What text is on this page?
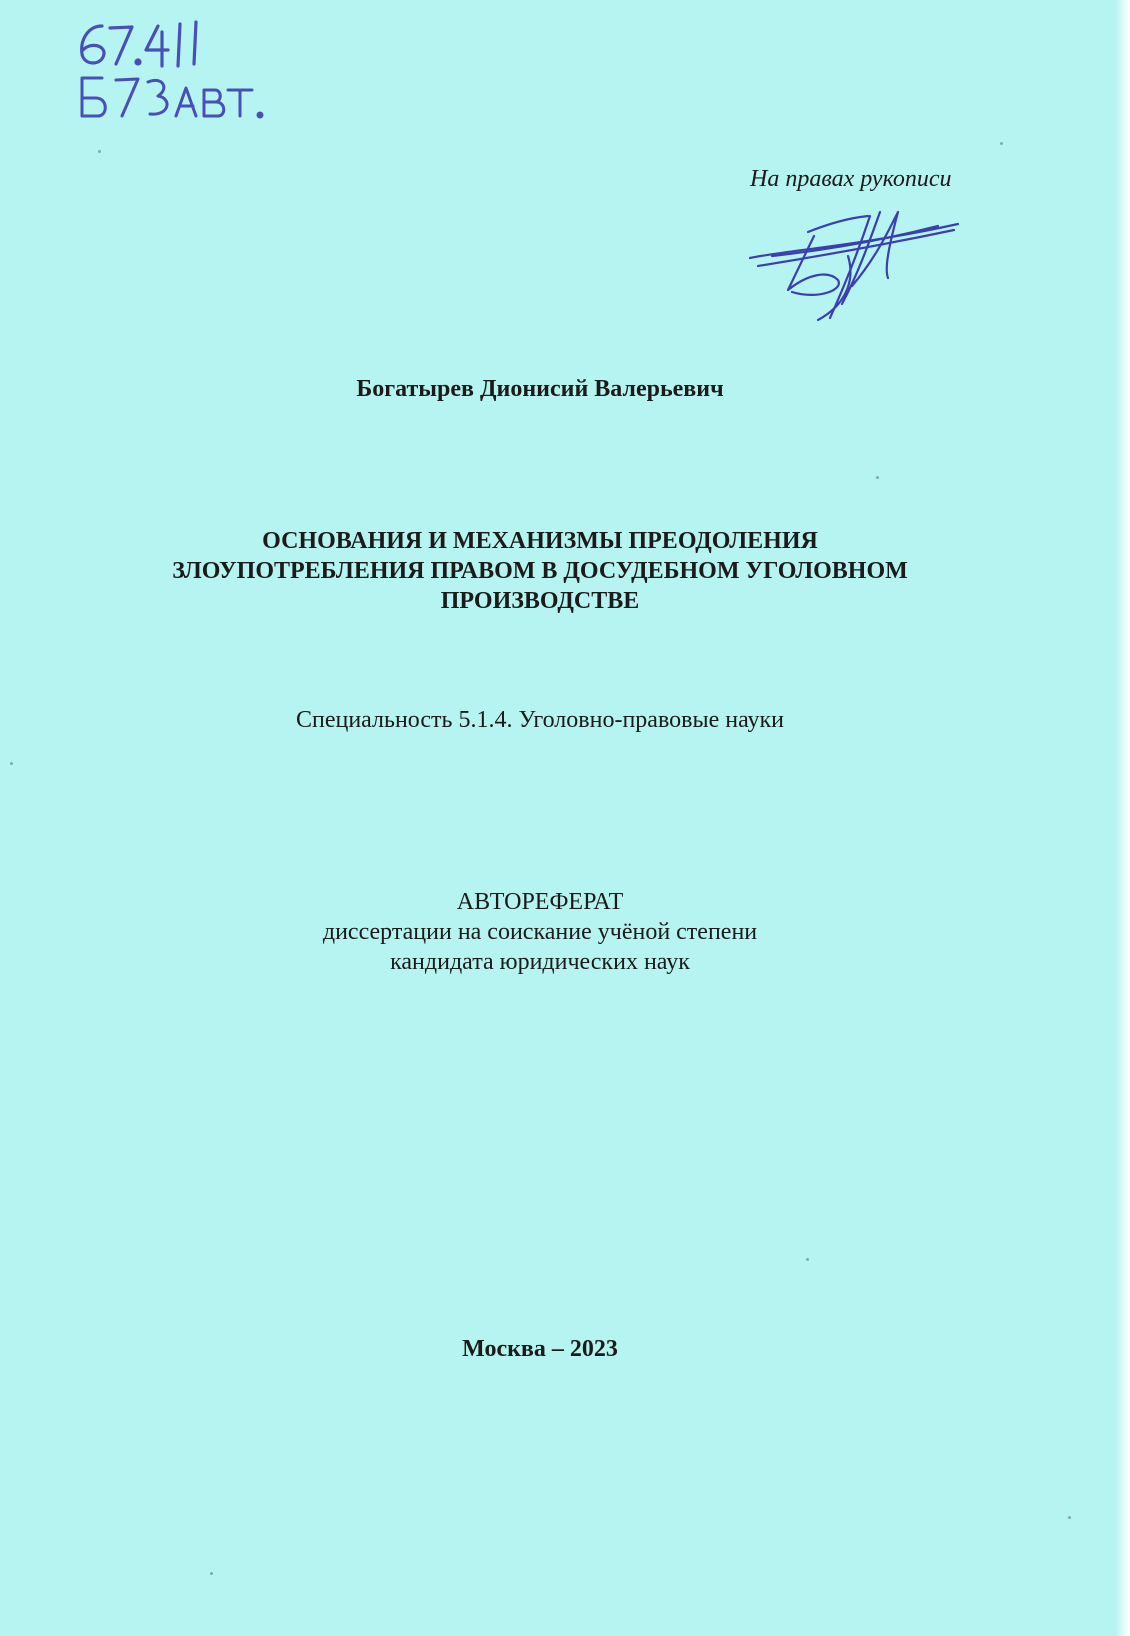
На правах рукописи
Богатырев Дионисий Валерьевич
ОСНОВАНИЯ И МЕХАНИЗМЫ ПРЕОДОЛЕНИЯ
ЗЛОУПОТРЕБЛЕНИЯ ПРАВОМ В ДОСУДЕБНОМ УГОЛОВНОМ
ПРОИЗВОДСТВЕ
Специальность 5.1.4. Уголовно-правовые науки
АВТОРЕФЕРАТ
диссертации на соискание учёной степени
кандидата юридических наук
Москва – 2023
